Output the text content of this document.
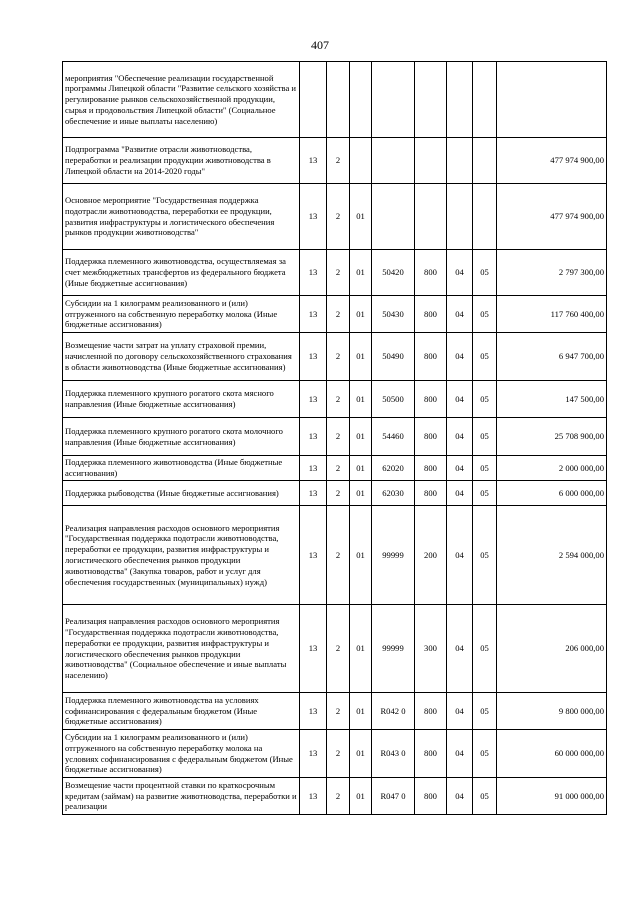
407
мероприятия "Обеспечение реализации государственной программы Липецкой области "Развитие сельского хозяйства и регулирование рынков сельскохозяйственной продукции, сырья и продовольствия Липецкой области" (Социальное обеспечение и иные выплаты населению)								
Подпрограмма "Развитие отрасли животноводства, переработки и реализации продукции животноводства в Липецкой области на 2014-2020 годы"	13	2						477 974 900,00
Основное мероприятие "Государственная поддержка подотрасли животноводства, переработки ее продукции, развития инфраструктуры и логистического обеспечения рынков продукции животноводства"	13	2	01					477 974 900,00
Поддержка племенного животноводства, осуществляемая за счет межбюджетных трансфертов из федерального бюджета (Иные бюджетные ассигнования)	13	2	01	50420	800	04	05	2 797 300,00
Субсидии на 1 килограмм реализованного и (или) отгруженного на собственную переработку молока (Иные бюджетные ассигнования)	13	2	01	50430	800	04	05	117 760 400,00
Возмещение части затрат на уплату страховой премии, начисленной по договору сельскохозяйственного страхования в области животноводства (Иные бюджетные ассигнования)	13	2	01	50490	800	04	05	6 947 700,00
Поддержка племенного крупного рогатого скота мясного направления (Иные бюджетные ассигнования)	13	2	01	50500	800	04	05	147 500,00
Поддержка племенного крупного рогатого скота молочного направления (Иные бюджетные ассигнования)	13	2	01	54460	800	04	05	25 708 900,00
Поддержка племенного животноводства (Иные бюджетные ассигнования)	13	2	01	62020	800	04	05	2 000 000,00
Поддержка рыбоводства (Иные бюджетные ассигнования)	13	2	01	62030	800	04	05	6 000 000,00
Реализация направления расходов основного мероприятия "Государственная поддержка подотрасли животноводства, переработки ее продукции, развития инфраструктуры и логистического обеспечения рынков продукции животноводства" (Закупка товаров, работ и услуг для обеспечения государственных (муниципальных) нужд)	13	2	01	99999	200	04	05	2 594 000,00
Реализация направления расходов основного мероприятия "Государственная поддержка подотрасли животноводства, переработки ее продукции, развития инфраструктуры и логистического обеспечения рынков продукции животноводства" (Социальное обеспечение и иные выплаты населению)	13	2	01	99999	300	04	05	206 000,00
Поддержка племенного животноводства на условиях софинансирования с федеральным бюджетом (Иные бюджетные ассигнования)	13	2	01	R042 0	800	04	05	9 800 000,00
Субсидии на 1 килограмм реализованного и (или) отгруженного на собственную переработку молока на условиях софинансирования с федеральным бюджетом (Иные бюджетные ассигнования)	13	2	01	R043 0	800	04	05	60 000 000,00
Возмещение части процентной ставки по краткосрочным кредитам (займам) на развитие животноводства, переработки и реализации	13	2	01	R047 0	800	04	05	91 000 000,00
